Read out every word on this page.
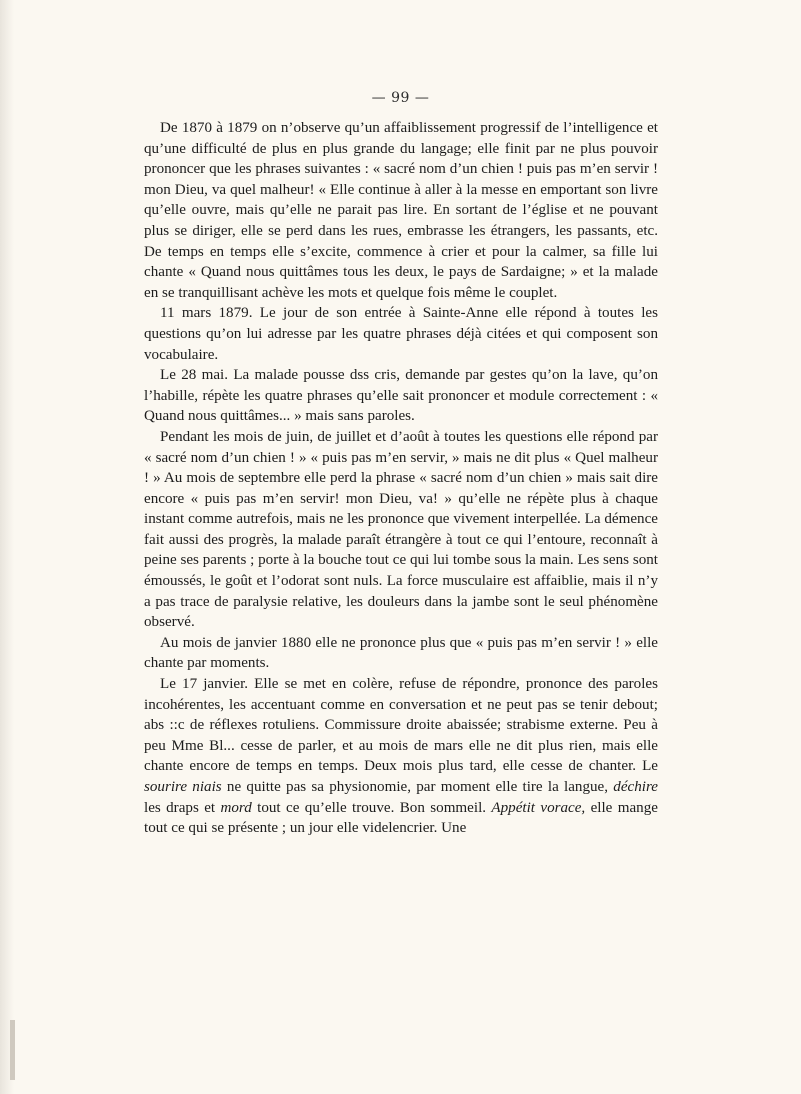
— 99 —

De 1870 à 1879 on n’observe qu’un affaiblissement progressif de l’intelligence et qu’une difficulté de plus en plus grande du langage; elle finit par ne plus pouvoir prononcer que les phrases suivantes : « sacré nom d’un chien ! puis pas m’en servir ! mon Dieu, va quel malheur! « Elle continue à aller à la messe en emportant son livre qu’elle ouvre, mais qu’elle ne parait pas lire. En sortant de l’église et ne pouvant plus se diriger, elle se perd dans les rues, embrasse les étrangers, les passants, etc. De temps en temps elle s’excite, commence à crier et pour la calmer, sa fille lui chante « Quand nous quittâmes tous les deux, le pays de Sardaigne; » et la malade en se tranquillisant achève les mots et quelque fois même le couplet.

11 mars 1879. Le jour de son entrée à Sainte-Anne elle répond à toutes les questions qu’on lui adresse par les quatre phrases déjà citées et qui composent son vocabulaire.

Le 28 mai. La malade pousse dss cris, demande par gestes qu’on la lave, qu’on l’habille, répète les quatre phrases qu’elle sait prononcer et module correctement : « Quand nous quittâmes... » mais sans paroles.

Pendant les mois de juin, de juillet et d’août à toutes les questions elle répond par « sacré nom d’un chien ! » « puis pas m’en servir, » mais ne dit plus « Quel malheur ! » Au mois de septembre elle perd la phrase « sacré nom d’un chien » mais sait dire encore « puis pas m’en servir! mon Dieu, va! » qu’elle ne répète plus à chaque instant comme autrefois, mais ne les prononce que vivement interpellée. La démence fait aussi des progrès, la malade paraît étrangère à tout ce qui l’entoure, reconnaît à peine ses parents ; porte à la bouche tout ce qui lui tombe sous la main. Les sens sont émoussés, le goût et l’odorat sont nuls. La force musculaire est affaiblie, mais il n’y a pas trace de paralysie relative, les douleurs dans la jambe sont le seul phénomène observé.

Au mois de janvier 1880 elle ne prononce plus que « puis pas m’en servir ! » elle chante par moments.

Le 17 janvier. Elle se met en colère, refuse de répondre, prononce des paroles incohérentes, les accentuant comme en conversation et ne peut pas se tenir debout; abs ::c de réflexes rotuliens. Commissure droite abaissée; strabisme externe. Peu à peu Mme Bl... cesse de parler, et au mois de mars elle ne dit plus rien, mais elle chante encore de temps en temps. Deux mois plus tard, elle cesse de chanter. Le sourire niais ne quitte pas sa physionomie, par moment elle tire la langue, déchire les draps et mord tout ce qu’elle trouve. Bon sommeil. Appétit vorace, elle mange tout ce qui se présente ; un jour elle videlencrier. Une
